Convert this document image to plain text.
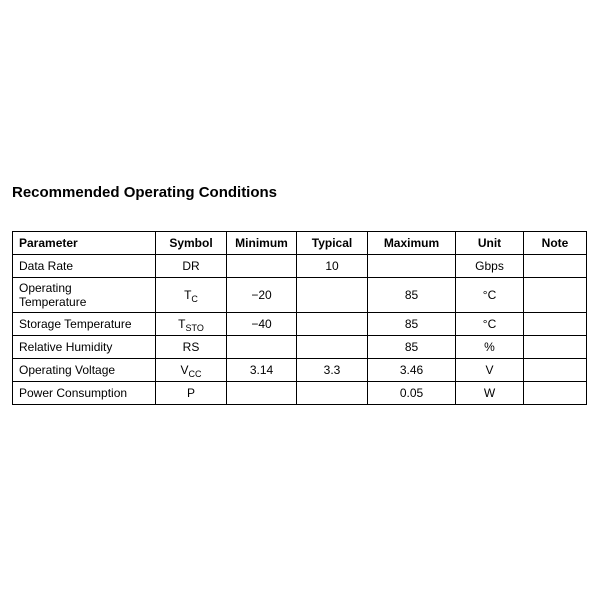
Recommended Operating Conditions
Parameter	Symbol	Minimum	Typical	Maximum	Unit	Note
Data Rate	DR		10		Gbps	
Operating
Temperature	$T_C$	−20		85	°C	
Storage Temperature	$T_{STO}$	−40		85	°C	
Relative Humidity	RS			85	%	
Operating Voltage	$V_{CC}$	3.14	3.3	3.46	V	
Power Consumption	P			0.05	W	
